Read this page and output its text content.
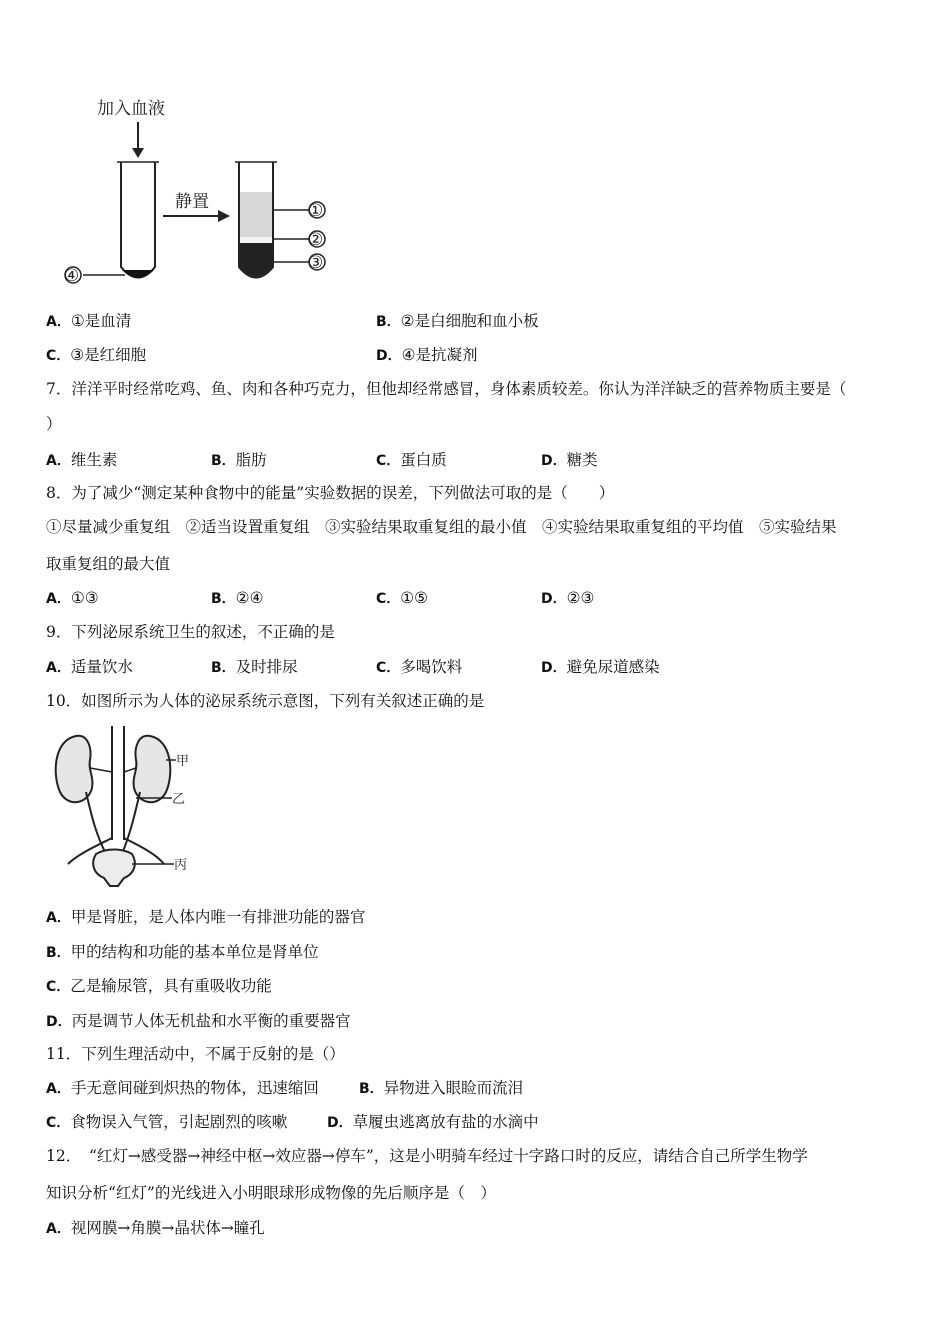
加入血液
④
静置	①
②
③
A．①是血清	B．②是白细胞和血小板
C．③是红细胞	D．④是抗凝剂
7．洋洋平时经常吃鸡、鱼、肉和各种巧克力，但他却经常感冒，身体素质较差。你认为洋洋缺乏的营养物质主要是（
）
A．维生素	B．脂肪	C．蛋白质	D．糖类
8．为了减少“测定某种食物中的能量”实验数据的误差，下列做法可取的是（　　）
①尽量减少重复组　②适当设置重复组　③实验结果取重复组的最小值　④实验结果取重复组的平均值　⑤实验结果
取重复组的最大值
A．①③	B．②④	C．①⑤	D．②③
9．下列泌尿系统卫生的叙述，不正确的是
A．适量饮水	B．及时排尿	C．多喝饮料	D．避免尿道感染
10．如图所示为人体的泌尿系统示意图，下列有关叙述正确的是
甲
乙
丙
A．甲是肾脏，是人体内唯一有排泄功能的器官
B．甲的结构和功能的基本单位是肾单位
C．乙是输尿管，具有重吸收功能
D．丙是调节人体无机盐和水平衡的重要器官
11．下列生理活动中，不属于反射的是（）
A．手无意间碰到炽热的物体，迅速缩回	B．异物进入眼睑而流泪
C．食物误入气管，引起剧烈的咳嗽	D．草履虫逃离放有盐的水滴中
12．　“红灯→感受器→神经中枢→效应器→停车”，这是小明骑车经过十字路口时的反应，请结合自己所学生物学
知识分析“红灯”的光线进入小明眼球形成物像的先后顺序是（　）
A．视网膜→角膜→晶状体→瞳孔
